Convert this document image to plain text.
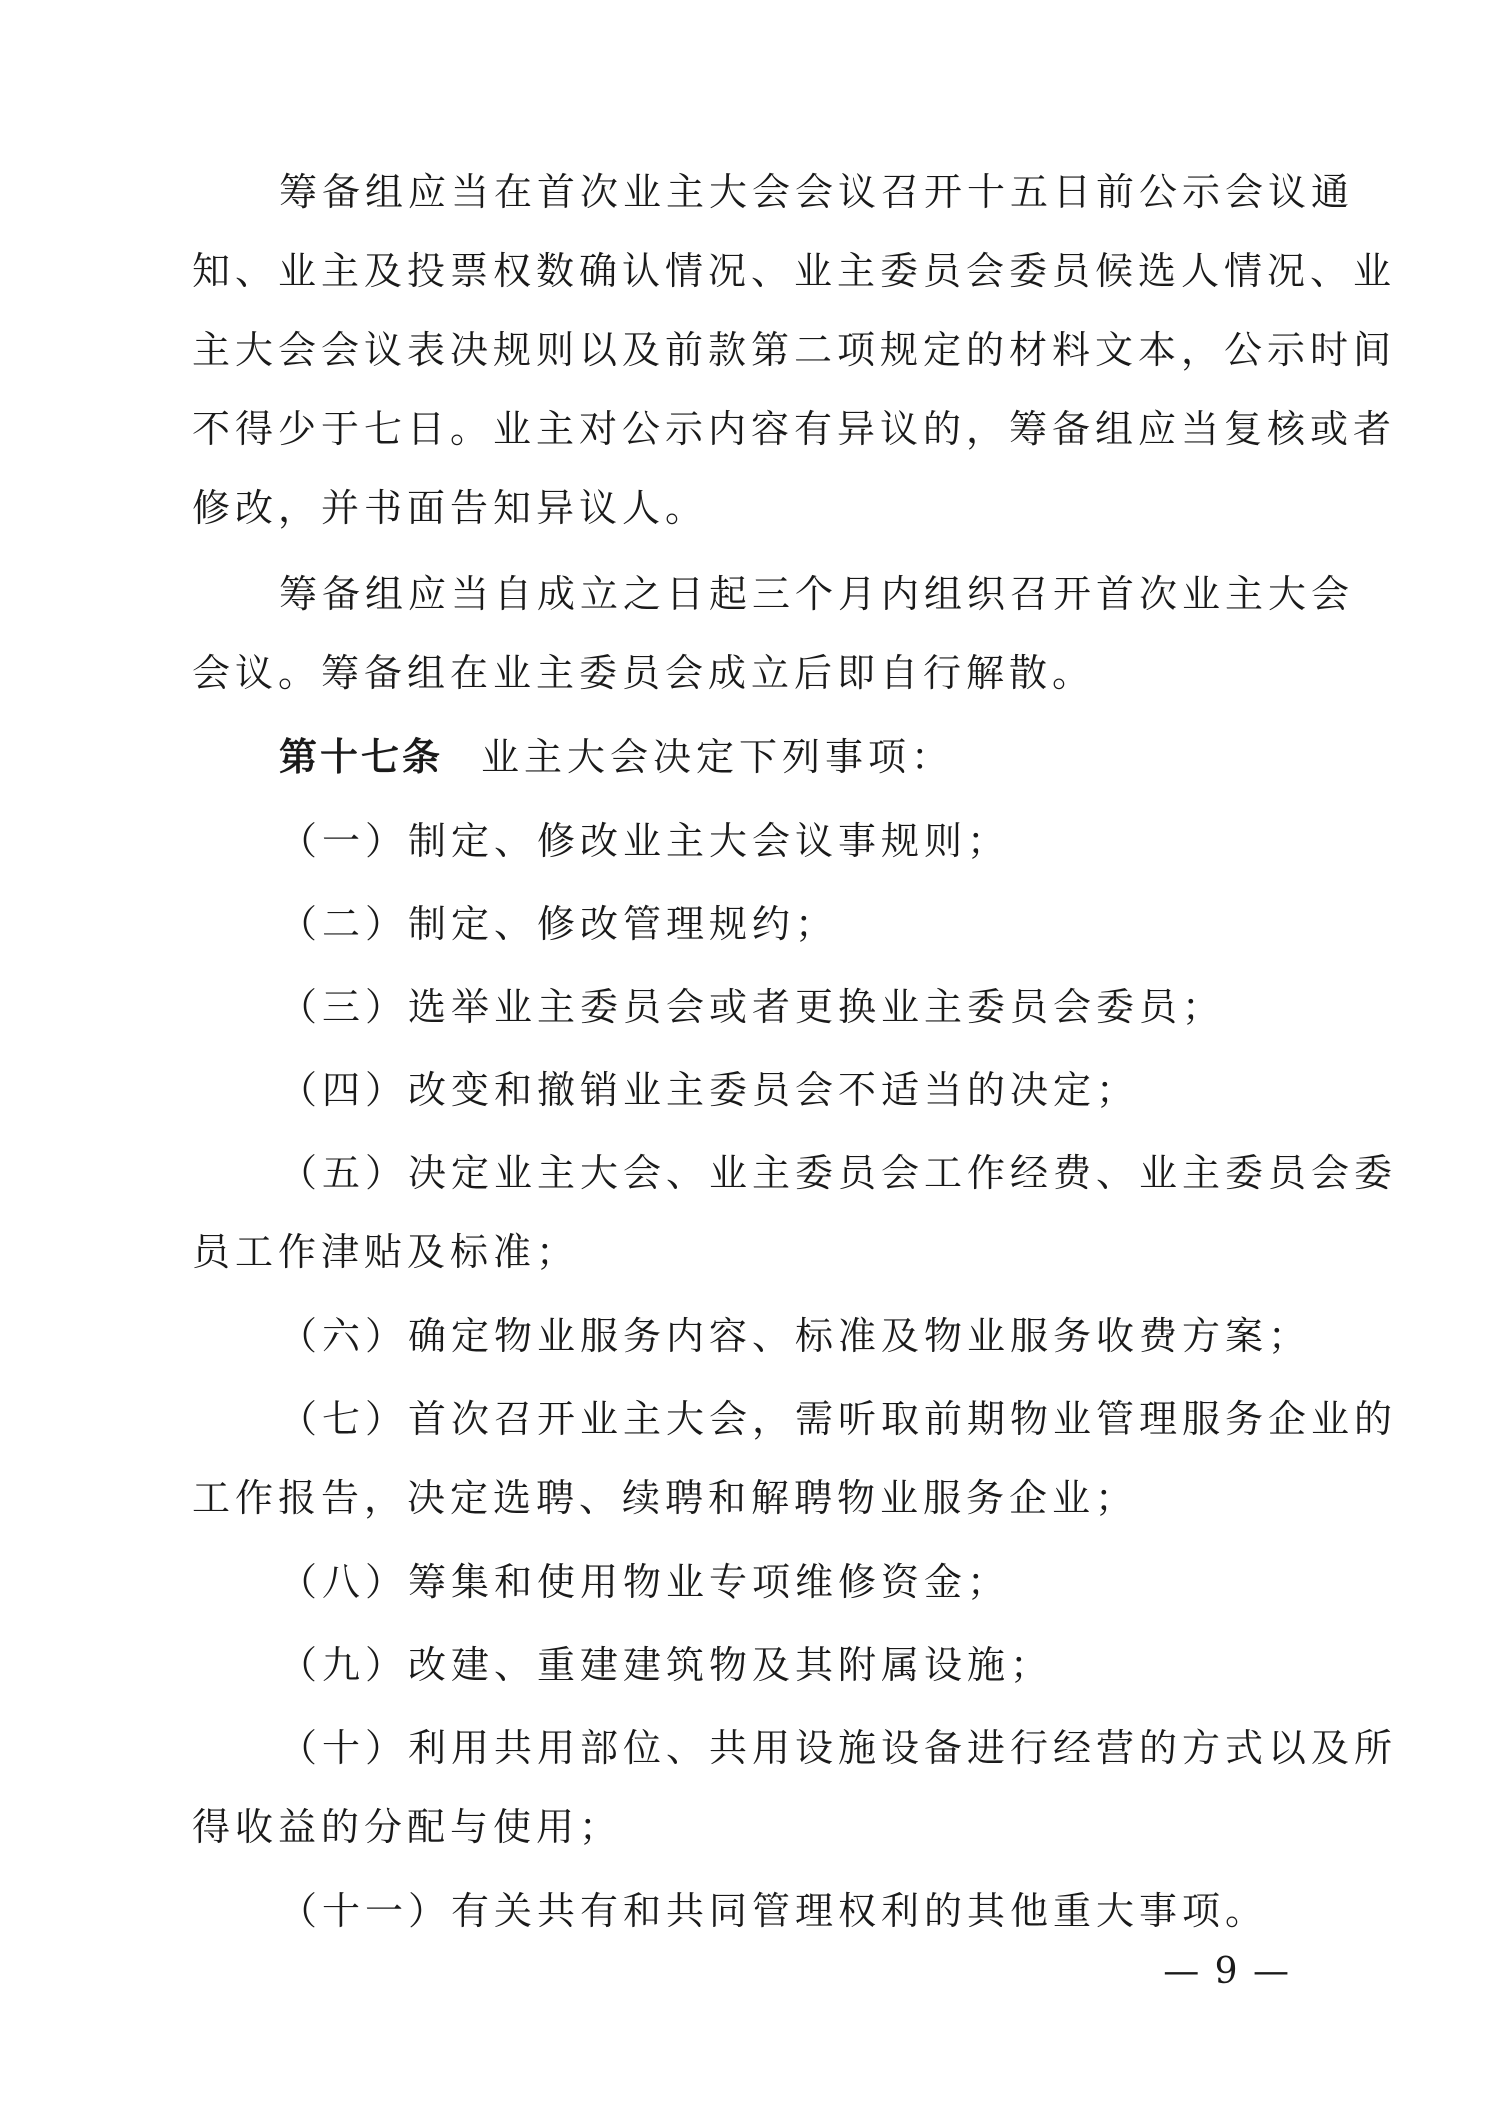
筹备组应当在首次业主大会会议召开十五日前公示会议通
知、业主及投票权数确认情况、业主委员会委员候选人情况、业
主大会会议表决规则以及前款第二项规定的材料文本，公示时间
不得少于七日。业主对公示内容有异议的，筹备组应当复核或者
修改，并书面告知异议人。
筹备组应当自成立之日起三个月内组织召开首次业主大会
会议。筹备组在业主委员会成立后即自行解散。
第十七条 业主大会决定下列事项：
（一）制定、修改业主大会议事规则；
（二）制定、修改管理规约；
（三）选举业主委员会或者更换业主委员会委员；
（四）改变和撤销业主委员会不适当的决定；
（五）决定业主大会、业主委员会工作经费、业主委员会委
员工作津贴及标准；
（六）确定物业服务内容、标准及物业服务收费方案；
（七）首次召开业主大会，需听取前期物业管理服务企业的
工作报告，决定选聘、续聘和解聘物业服务企业；
（八）筹集和使用物业专项维修资金；
（九）改建、重建建筑物及其附属设施；
（十）利用共用部位、共用设施设备进行经营的方式以及所
得收益的分配与使用；
（十一）有关共有和共同管理权利的其他重大事项。
— 9 —
